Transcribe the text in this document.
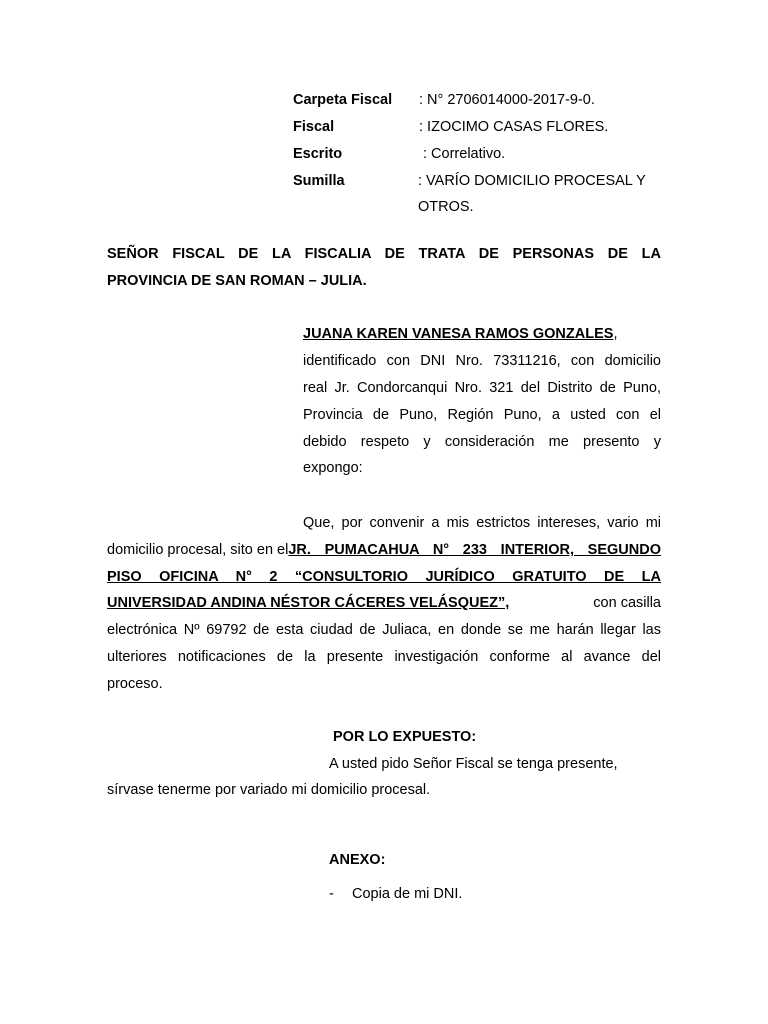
Carpeta Fiscal : N° 2706014000-2017-9-0.
Fiscal	: IZOCIMO CASAS FLORES.
Escrito	: Correlativo.
Sumilla	: VARÍO DOMICILIO PROCESAL Y
OTROS.
SEÑOR FISCAL DE LA FISCALIA DE TRATA DE PERSONAS DE LA
PROVINCIA DE SAN ROMAN – JULIA.
JUANA KAREN VANESA RAMOS GONZALES,
identificado con DNI Nro. 73311216, con domicilio
real Jr. Condorcanqui Nro. 321 del Distrito de Puno,
Provincia de Puno, Región Puno, a usted con el
debido respeto y consideración me presento y
expongo:
Que, por convenir a mis estrictos intereses, vario mi
domicilio procesal, sito en el JR. PUMACAHUA N° 233 INTERIOR, SEGUNDO
PISO OFICINA N° 2 “CONSULTORIO JURÍDICO GRATUITO DE LA
UNIVERSIDAD ANDINA NÉSTOR CÁCERES VELÁSQUEZ”,	con casilla
electrónica Nº 69792 de esta ciudad de Juliaca, en donde se me harán llegar las
ulteriores notificaciones de la presente investigación conforme al avance del
proceso.
POR LO EXPUESTO:
A usted pido Señor Fiscal se tenga presente,
sírvase tenerme por variado mi domicilio procesal.
ANEXO:
- Copia de mi DNI.
